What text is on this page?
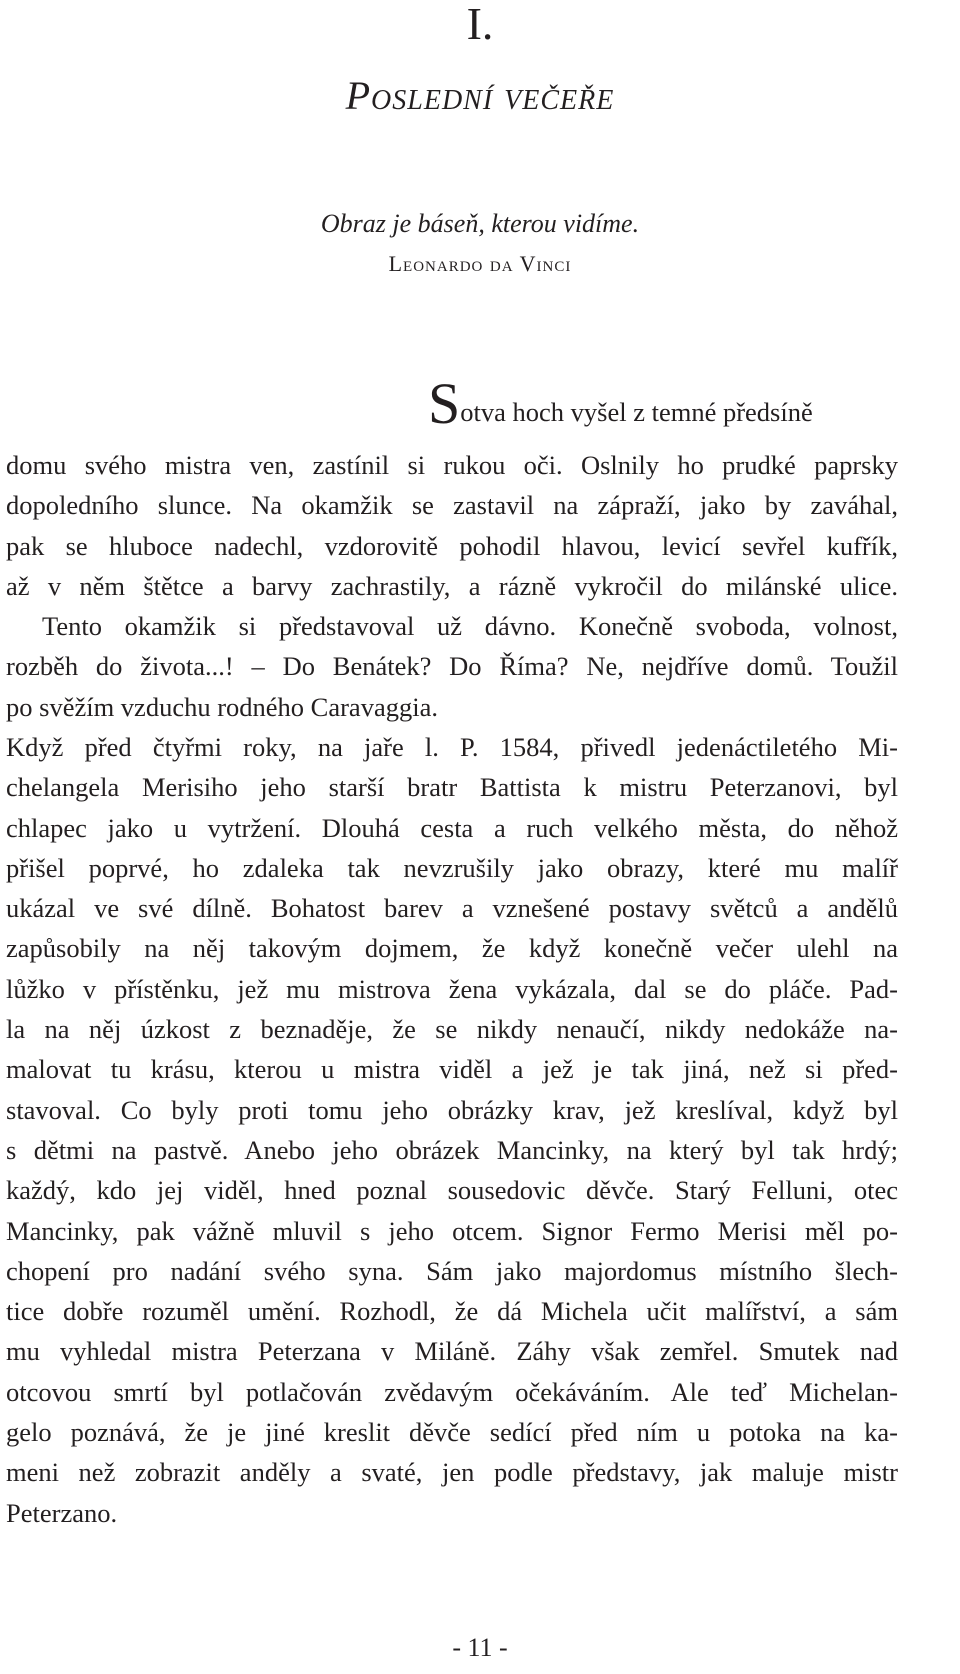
I.
Poslední večeře
Obraz je báseň, kterou vidíme.
Leonardo da Vinci
Sotva hoch vyšel z temné předsíně
domu svého mistra ven, zastínil si rukou oči. Oslnily ho prudké paprsky
dopoledního slunce. Na okamžik se zastavil na zápraží, jako by zaváhal,
pak se hluboce nadechl, vzdorovitě pohodil hlavou, levicí sevřel kufřík,
až v něm štětce a barvy zachrastily, a rázně vykročil do milánské ulice.
Tento okamžik si představoval už dávno. Konečně svoboda, volnost,
rozběh do života...! – Do Benátek? Do Říma? Ne, nejdříve domů. Toužil
po svěžím vzduchu rodného Caravaggia.
Když před čtyřmi roky, na jaře l. P. 1584, přivedl jedenáctiletého Mi-
chelangela Merisiho jeho starší bratr Battista k mistru Peterzanovi, byl
chlapec jako u vytržení. Dlouhá cesta a ruch velkého města, do něhož
přišel poprvé, ho zdaleka tak nevzrušily jako obrazy, které mu malíř
ukázal ve své dílně. Bohatost barev a vznešené postavy světců a andělů
zapůsobily na něj takovým dojmem, že když konečně večer ulehl na
lůžko v přístěnku, jež mu mistrova žena vykázala, dal se do pláče. Pad-
la na něj úzkost z beznaděje, že se nikdy nenaučí, nikdy nedokáže na-
malovat tu krásu, kterou u mistra viděl a jež je tak jiná, než si před-
stavoval. Co byly proti tomu jeho obrázky krav, jež kreslíval, když byl
s dětmi na pastvě. Anebo jeho obrázek Mancinky, na který byl tak hrdý;
každý, kdo jej viděl, hned poznal sousedovic děvče. Starý Felluni, otec
Mancinky, pak vážně mluvil s jeho otcem. Signor Fermo Merisi měl po-
chopení pro nadání svého syna. Sám jako majordomus místního šlech-
tice dobře rozuměl umění. Rozhodl, že dá Michela učit malířství, a sám
mu vyhledal mistra Peterzana v Miláně. Záhy však zemřel. Smutek nad
otcovou smrtí byl potlačován zvědavým očekáváním. Ale teď Michelan-
gelo poznává, že je jiné kreslit děvče sedící před ním u potoka na ka-
meni než zobrazit anděly a svaté, jen podle představy, jak maluje mistr
Peterzano.
- 11 -
